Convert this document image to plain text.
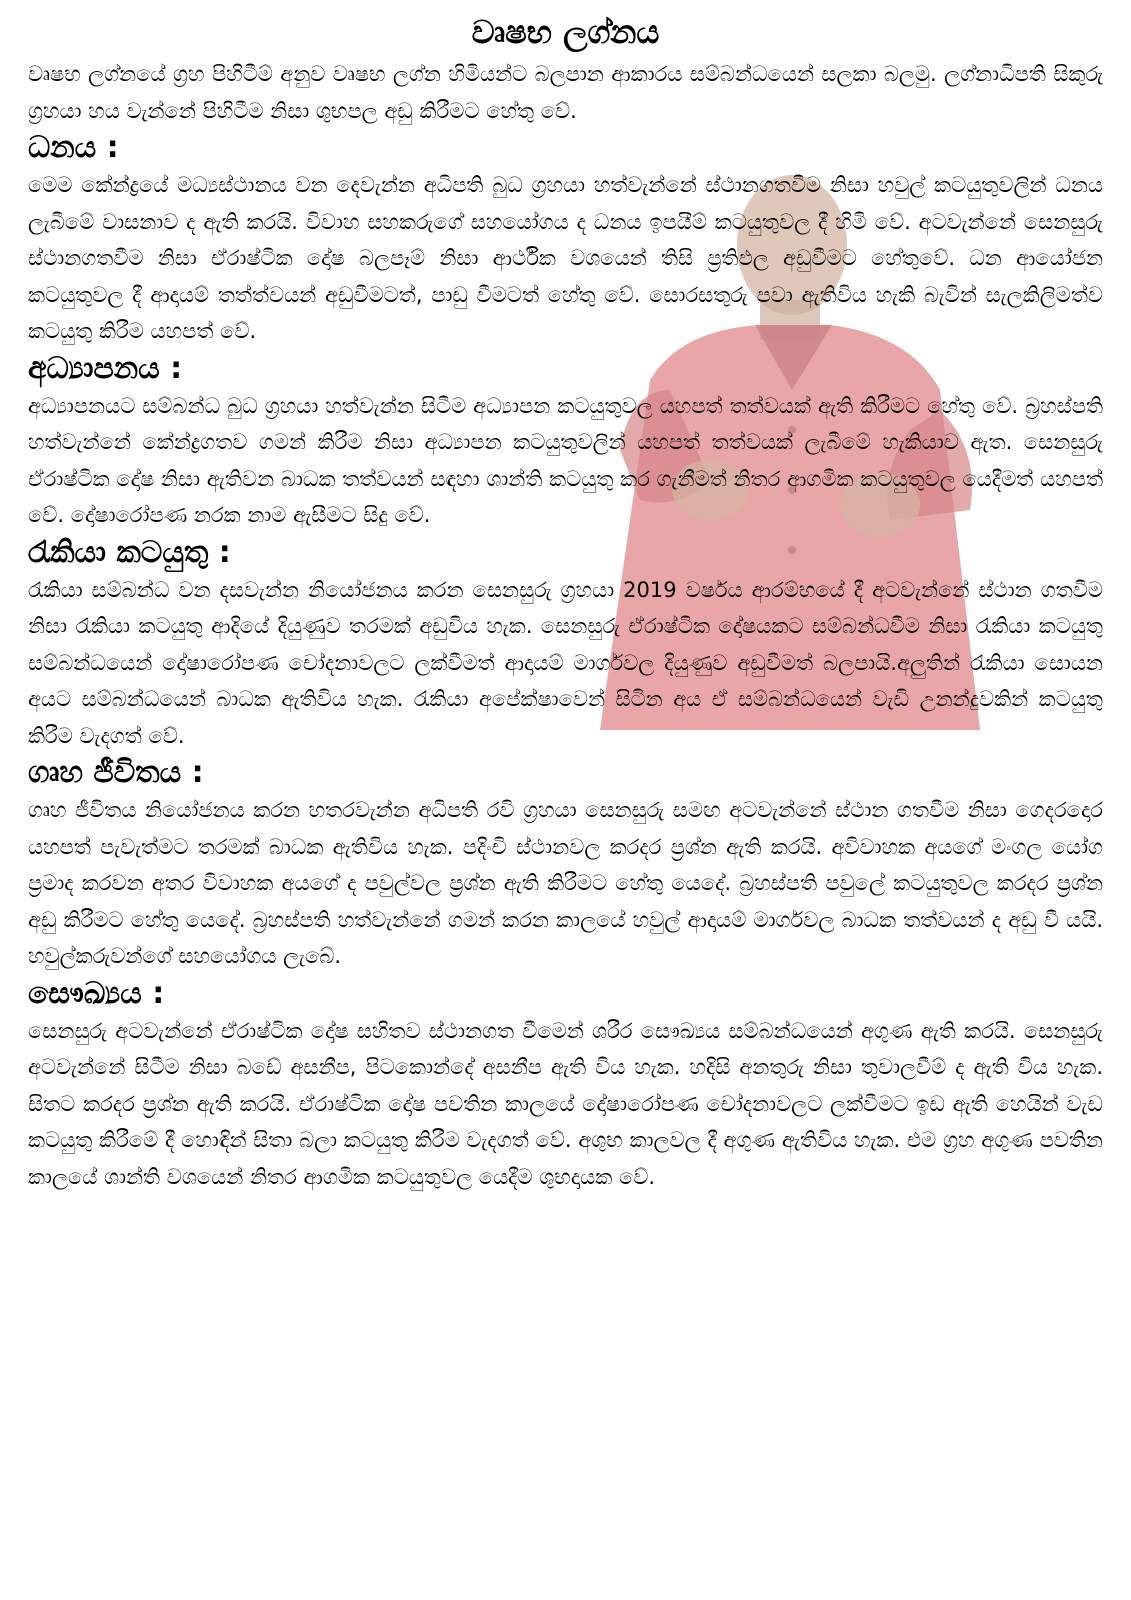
වෘෂභ ලග්නය

වෘෂභ ලග්නයේ ග්‍රහ පිහිටීම් අනුව වෘෂභ ලග්න හිමියන්ට බලපාන ආකාරය සම්බන්ධයෙන් සලකා බලමු. ලග්නාධිපති සිකුරු ග්‍රහයා හය වැන්නේ පිහිටීම නිසා ශුභපල අඩු කිරීමට හේතු වේ.

ධනය :

මෙම කේන්ද්‍රයේ මධ්‍යස්ථානය වන දෙවැන්න අධිපති බුධ ග්‍රහයා හත්වැන්නේ ස්ථානගතවීම නිසා හවුල් කටයුතුවලින් ධනය ලැබීමේ වාසනාව ද ඇති කරයි. විවාහ සහකරුගේ සහයෝගය ද ධනය ඉපයීම් කටයුතුවල දී හිමි වේ. අටවැන්නේ සෙනසුරු ස්ථානගතවීම නිසා ඒරාෂ්ටික දෝෂ බලපෑම් නිසා ආර්ථික වශයෙන් තිසි ප්‍රතිඵල අඩුවීමට හේතුවේ. ධන ආයෝජන කටයුතුවල දී ආදායම් තත්ත්වයන් අඩුවීමටත්, පාඩු වීමටත් හේතු වේ. සොරසතුරු පවා ඇතිවිය හැකි බැවින් සැලකිලිමත්ව කටයුතු කිරීම යහපත් වේ.

අධ්‍යාපනය :

අධ්‍යාපනයට සම්බන්ධ බුධ ග්‍රහයා හත්වැන්න සිටීම අධ්‍යාපන කටයුතුවල යහපත් තත්වයක් ඇති කිරීමට හේතු වේ. බ්‍රහස්පති හත්වැන්නේ කේන්ද්‍රගතව ගමන් කිරීම නිසා අධ්‍යාපන කටයුතුවලින් යහපත් තත්වයක් ලැබීමේ හැකියාව ඇත. සෙනසුරු ඒරාෂ්ටික දෝෂ නිසා ඇතිවන බාධක තත්වයන් සඳහා ශාන්ති කටයුතු කර ගැනීමත් නිතර ආගමික කටයුතුවල යෙදීමත් යහපත් වේ. දෝෂාරෝපණ නරක නාම ඇසීමට සිදු වේ.

රැකියා කටයුතු :

රැකියා සම්බන්ධ වන දසවැන්න නියෝජනය කරන සෙනසුරු ග්‍රහයා 2019 වර්ෂය ආරම්භයේ දී අටවැන්නේ ස්ථාන ගතවීම නිසා රැකියා කටයුතු ආදියේ දියුණුව තරමක් අඩුවිය හැක. සෙනසුරු ඒරාෂ්ටික දෝෂයකට සම්බන්ධවීම නිසා රැකියා කටයුතු සම්බන්ධයෙන් දෝෂාරෝපණ චෝදනාවලට ලක්වීමත් ආදායම් මාර්ගවල දියුණුව අඩුවීමත් බලපායි.අලුතින් රැකියා සොයන අයට සම්බන්ධයෙන් බාධක ඇතිවිය හැක. රැකියා අපේක්ෂාවෙන් සිටින අය ඒ සම්බන්ධයෙන් වැඩි උනන්දුවකින් කටයුතු කිරීම වැදගත් වේ.

ගෘහ ජීවිතය :

ගෘහ ජීවිතය නියෝජනය කරන හතරවැන්න අධිපති රවි ග්‍රහයා සෙනසුරු සමඟ අටවැන්නේ ස්ථාන ගතවීම නිසා ගෙදරදොර යහපත් පැවැත්මට තරමක් බාධක ඇතිවිය හැක. පදිංචි ස්ථානවල කරදර ප්‍රශ්න ඇති කරයි. අවිවාහක අයගේ මංගල යෝග ප්‍රමාද කරවන අතර විවාහක අයගේ ද පවුල්වල ප්‍රශ්න ඇති කිරීමට හේතු යෙදේ. බ්‍රහස්පති පවුලේ කටයුතුවල කරදර ප්‍රශ්න අඩු කිරීමට හේතු යෙදේ. බ්‍රහස්පති හත්වැන්නේ ගමන් කරන කාලයේ හවුල් ආදායම් මාර්ගවල බාධක තත්වයන් ද අඩු වී යයි. හවුල්කරුවන්ගේ සහයෝගය ලැබේ.

සෞඛ්‍යය :

සෙනසුරු අටවැන්නේ ඒරාෂ්ටික දෝෂ සහිතව ස්ථානගත වීමෙන් ශරීර සෞඛ්‍යය සම්බන්ධයෙන් අගුණ ඇති කරයි. සෙනසුරු අටවැන්නේ සිටීම නිසා බඩේ අසනීප, පිටකොන්දේ අසනීප ඇති විය හැක. හදිසි අනතුරු නිසා තුවාලවීම් ද ඇති විය හැක. සිතට කරදර ප්‍රශ්න ඇති කරයි. ඒරාෂ්ටික දෝෂ පවතින කාලයේ දෝෂාරෝපණ චෝදනාවලට ලක්වීමට ඉඩ ඇති හෙයින් වැඩ කටයුතු කිරීමේ දී හොඳින් සිතා බලා කටයුතු කිරීම වැදගත් වේ. අශුභ කාලවල දී අගුණ ඇතිවිය හැක. එම ග්‍රහ අගුණ පවතින කාලයේ ශාන්ති වශයෙන් නිතර ආගමික කටයුතුවල යෙදීම ශුභදායක වේ.
